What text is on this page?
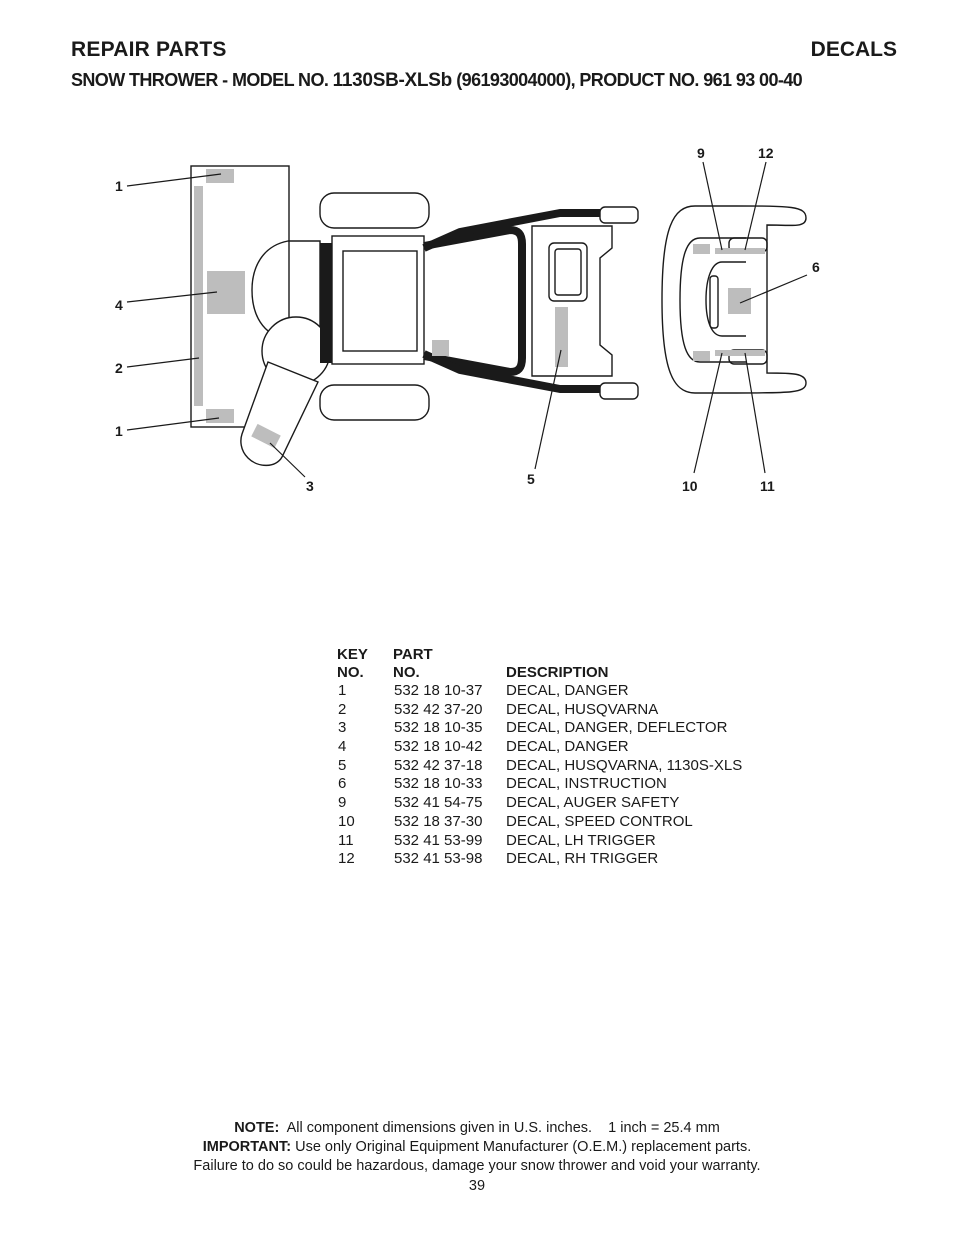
REPAIR PARTS	DECALS
SNOW THROWER - MODEL NO. 1130SB-XLSb (96193004000), PRODUCT NO. 961 93 00-40
1
4
2
1
3	5
9	12
6
10	11
KEY NO.
PART NO.	DESCRIPTION
1	532 18 10-37 DECAL, DANGER
2	532 42 37-20 DECAL, HUSQVARNA
3	532 18 10-35 DECAL, DANGER, DEFLECTOR
4	532 18 10-42 DECAL, DANGER
5	532 42 37-18 DECAL, HUSQVARNA, 1130S-XLS
6	532 18 10-33 DECAL, INSTRUCTION
9	532 41 54-75 DECAL, AUGER SAFETY
10	532 18 37-30 DECAL, SPEED CONTROL
11	532 41 53-99 DECAL, LH TRIGGER
12	532 41 53-98 DECAL, RH TRIGGER
NOTE: All component dimensions given in U.S. inches.    1 inch = 25.4 mm
IMPORTANT: Use only Original Equipment Manufacturer (O.E.M.) replacement parts.
Failure to do so could be hazardous, damage your snow thrower and void your warranty.
39
